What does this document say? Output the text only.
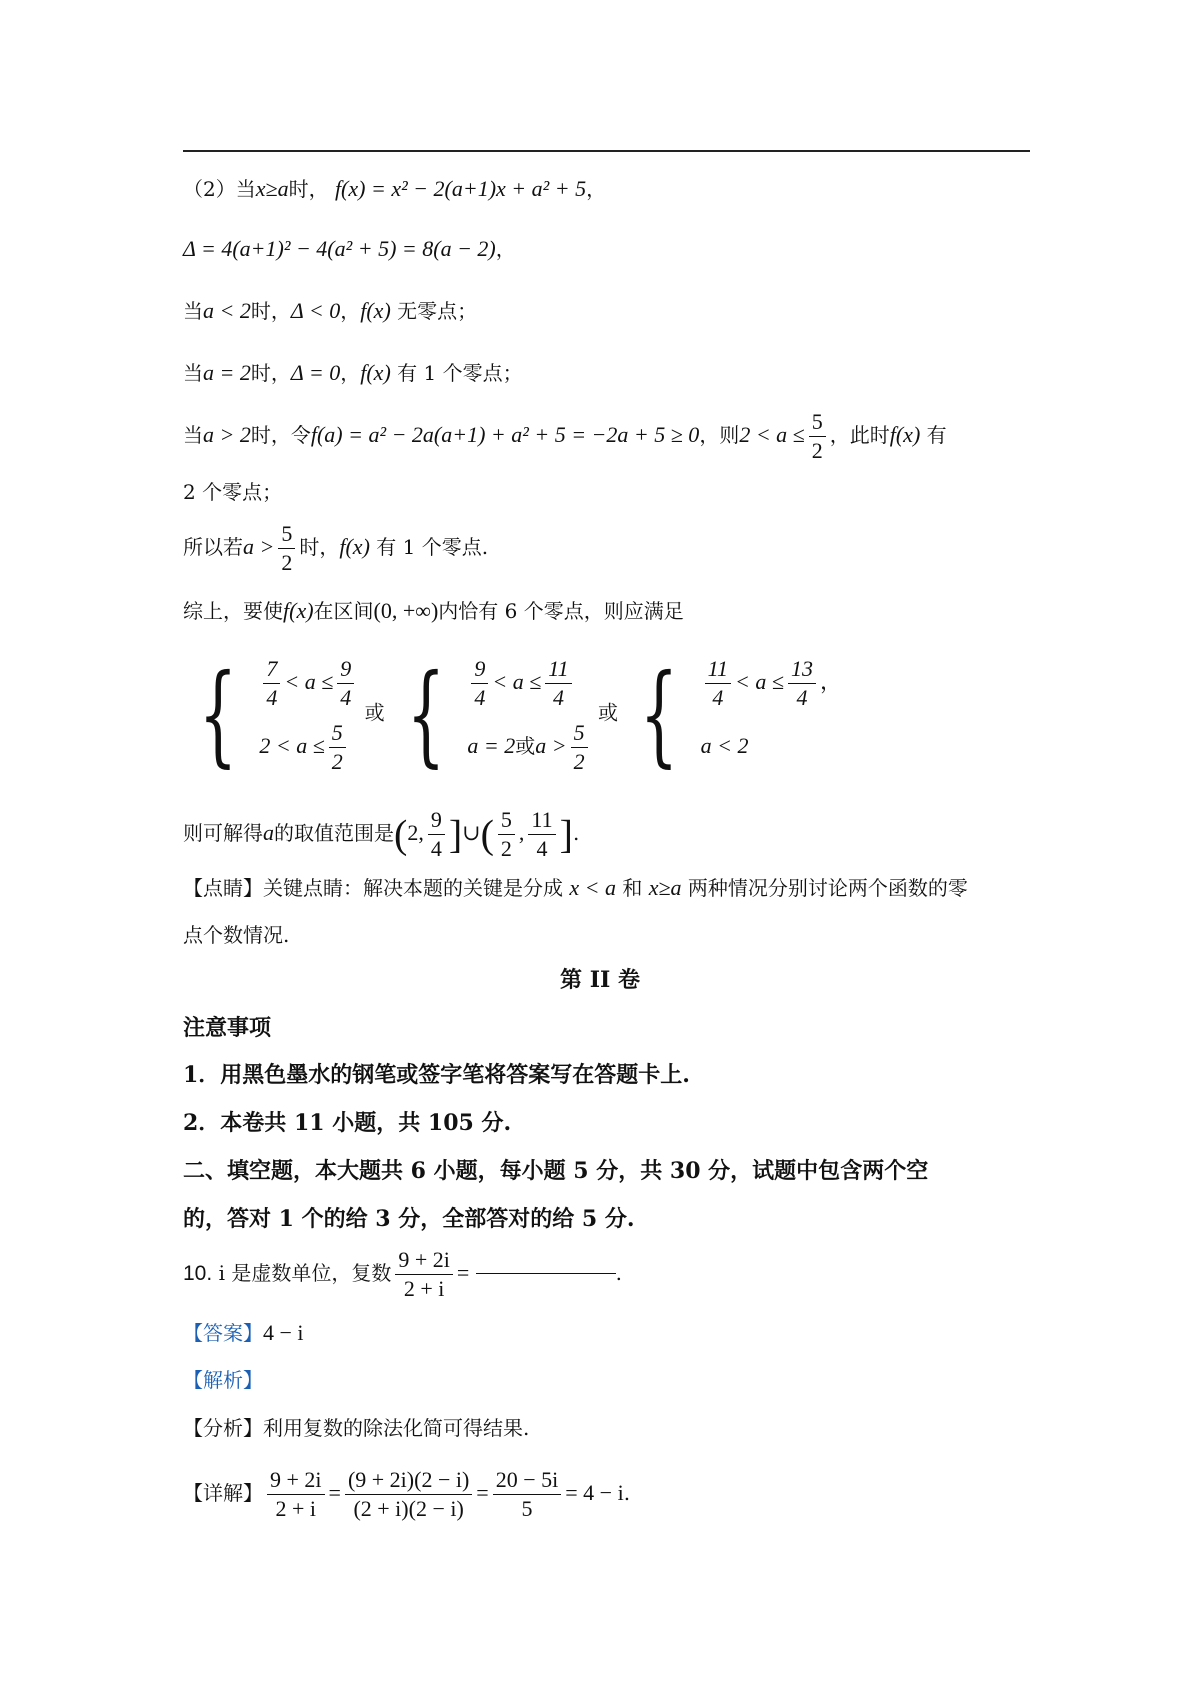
（2）当x≥a时， f(x) = x² − 2(a+1)x + a² + 5，
Δ = 4(a+1)² − 4(a² + 5) = 8(a − 2)，
当a < 2时，Δ < 0，f(x) 无零点；
当a = 2时，Δ = 0，f(x) 有 1 个零点；
当a > 2时，令f(a) = a² − 2a(a+1) + a² + 5 = −2a + 5 ≥ 0，则$2 < a \le \frac{5}{2}$ ，此时f(x) 有
2 个零点；
所以若$a > \frac{5}{2}$ 时，f(x) 有 1 个零点.
综上，要使f(x)在区间(0, +∞)内恰有 6 个零点，则应满足
{ $\frac{7}{4} < a \le \frac{9}{4}$
$2 < a \le \frac{5}{2}$
或 { $\frac{9}{4} < a \le \frac{11}{4}$
a = 2或$a > \frac{5}{2}$
或 { $\frac{11}{4} < a \le \frac{13}{4}$ ，
a < 2
则可解得a的取值范围是(2, $\frac{9}{4}$ ]∪( $\frac{5}{2}$ , $\frac{11}{4}$ ].
【点睛】关键点睛：解决本题的关键是分成 x < a 和 x≥a 两种情况分别讨论两个函数的零
点个数情况.
第 II 卷
注意事项
1．用黑色墨水的钢笔或签字笔将答案写在答题卡上.
2．本卷共 11 小题，共 105 分.
二、填空题，本大题共 6 小题，每小题 5 分，共 30 分，试题中包含两个空
的，答对 1 个的给 3 分，全部答对的给 5 分.
10. i 是虚数单位，复数 $\frac{9 + 2i}{2 + i}$ =	.
【答案】4 − i
【解析】
【分析】利用复数的除法化简可得结果.
【详解】 $\frac{9 + 2i}{2 + i} = \frac{(9 + 2i)(2 - i)}{(2 + i)(2 - i)} = \frac{20 - 5i}{5} = 4 - i$.
